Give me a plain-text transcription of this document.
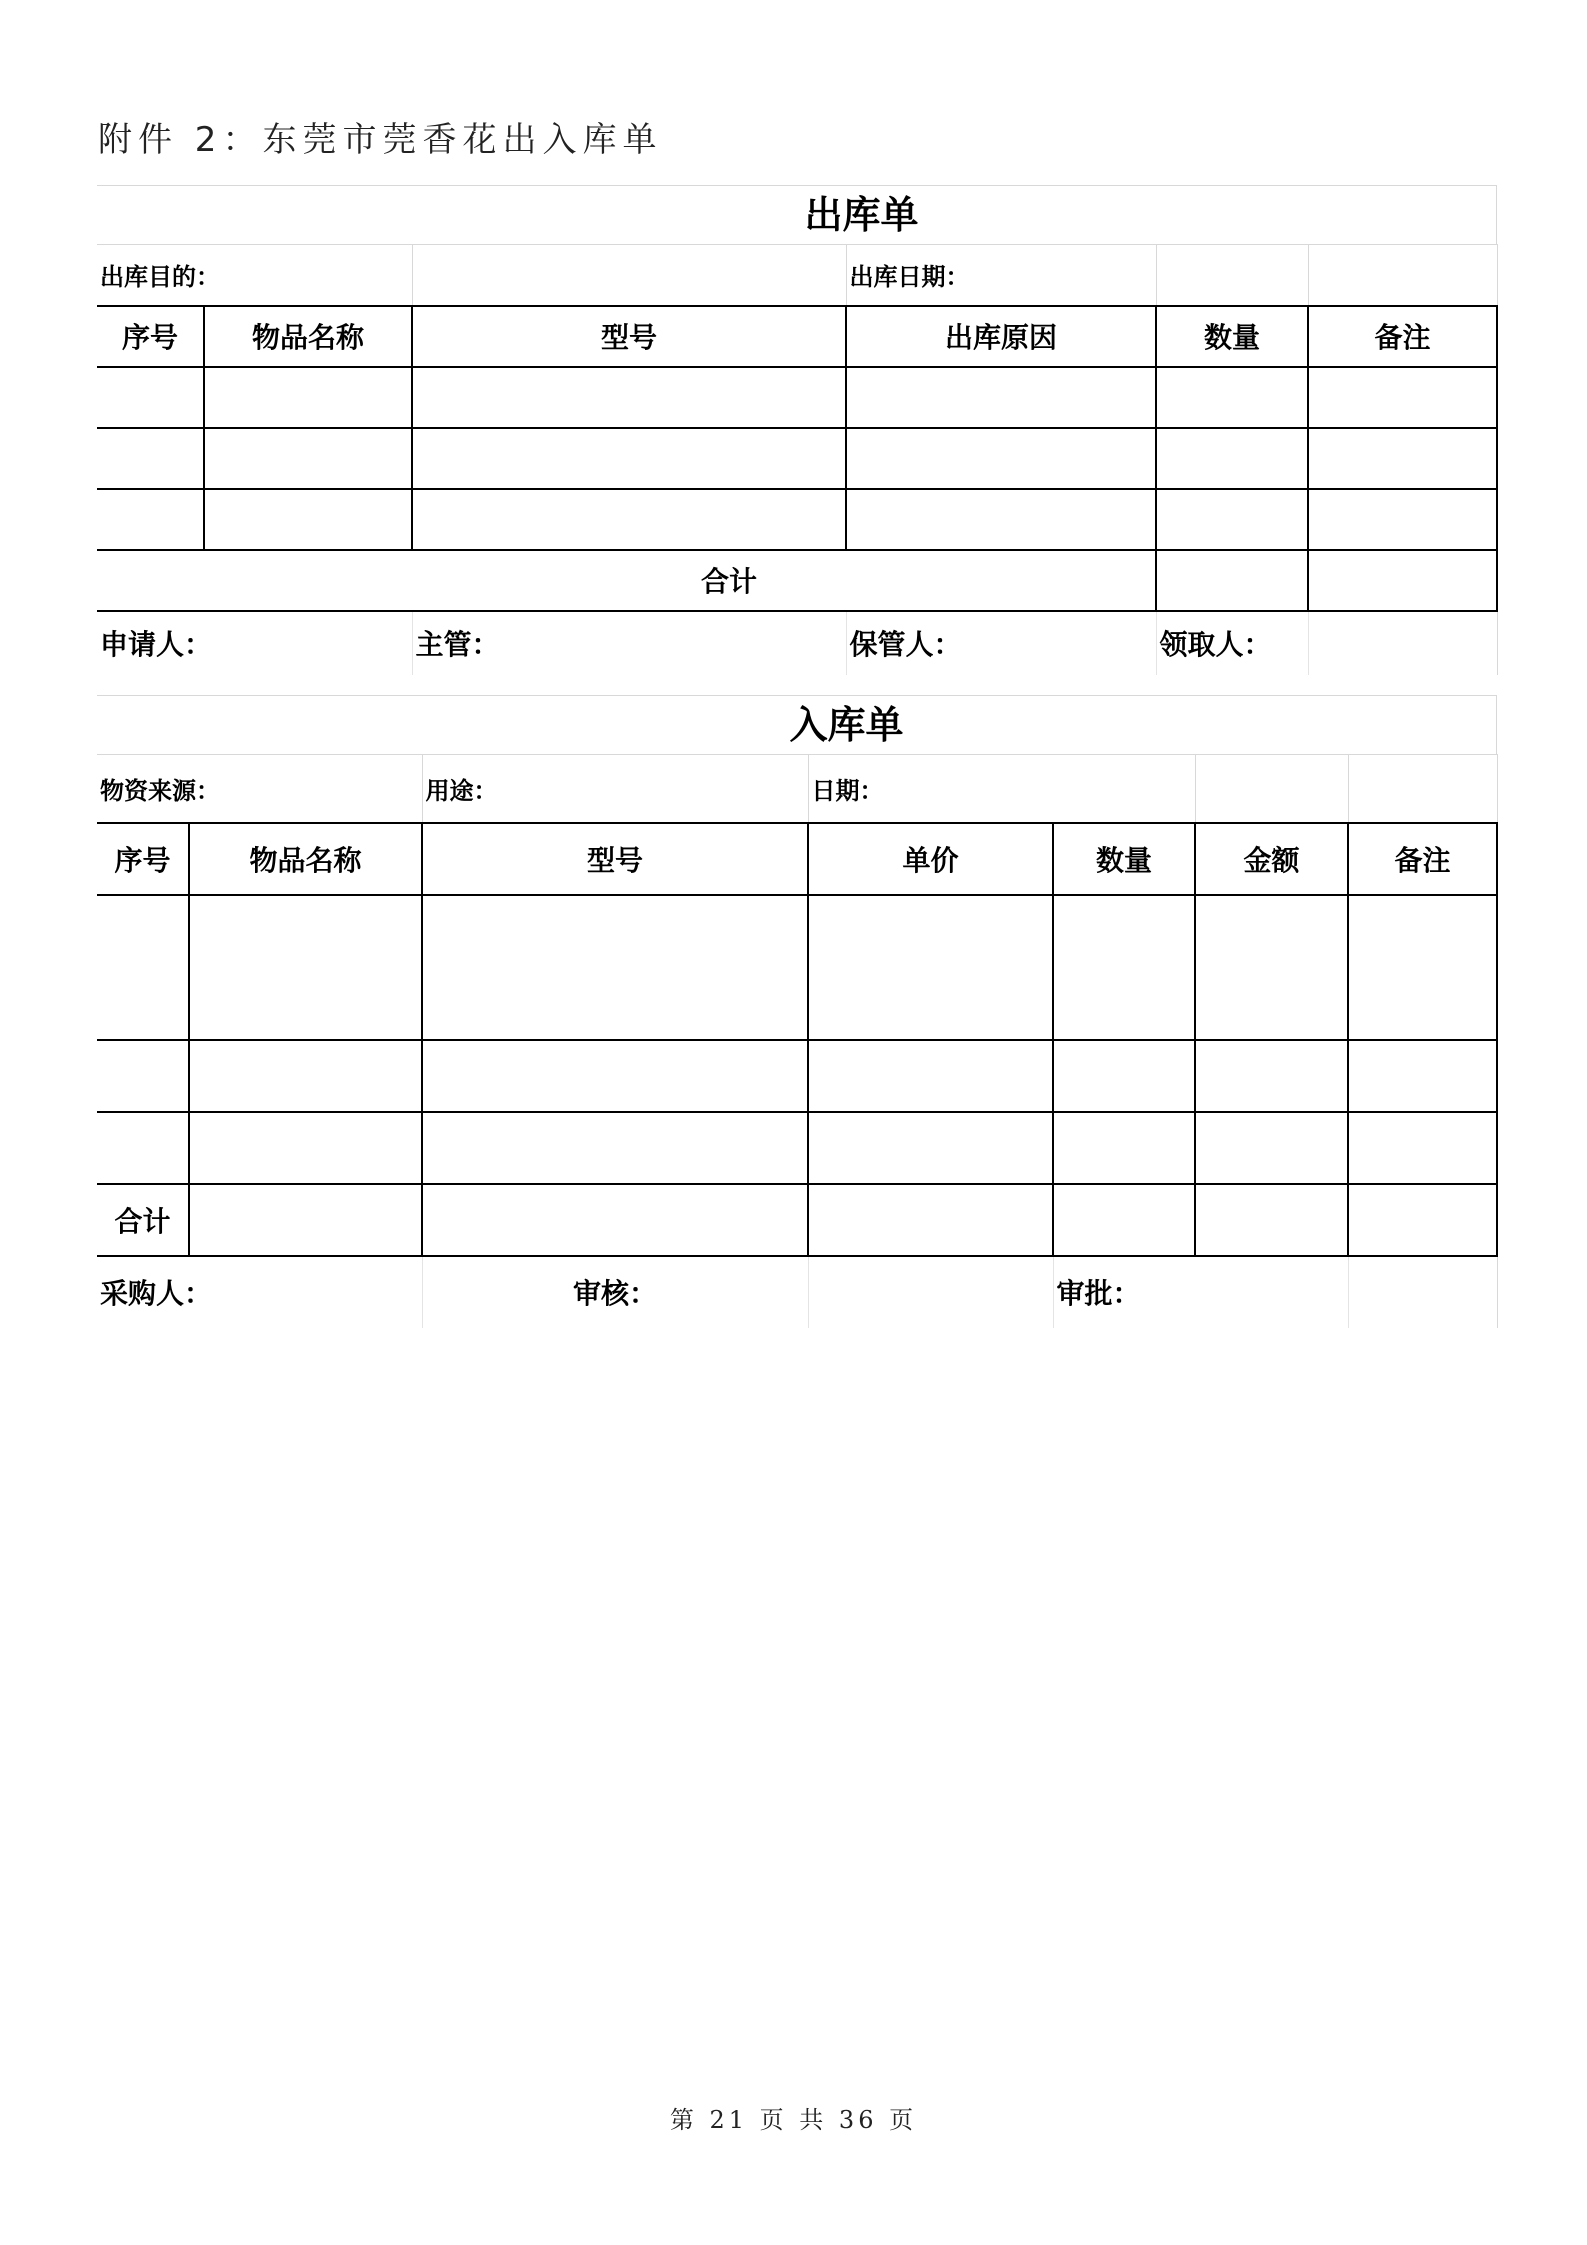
附件 2：东莞市莞香花出入库单
出库单
出库目的：			出库日期：		
序号	物品名称	型号	出库原因	数量	备注

合计					
申请人：		主管：	保管人：	领取人：	
入库单
物资来源：		用途：	日期：			
序号	物品名称	型号	单价	数量	金额	备注

合计						
采购人：		审核：		审批：		
第 21 页 共 36 页
